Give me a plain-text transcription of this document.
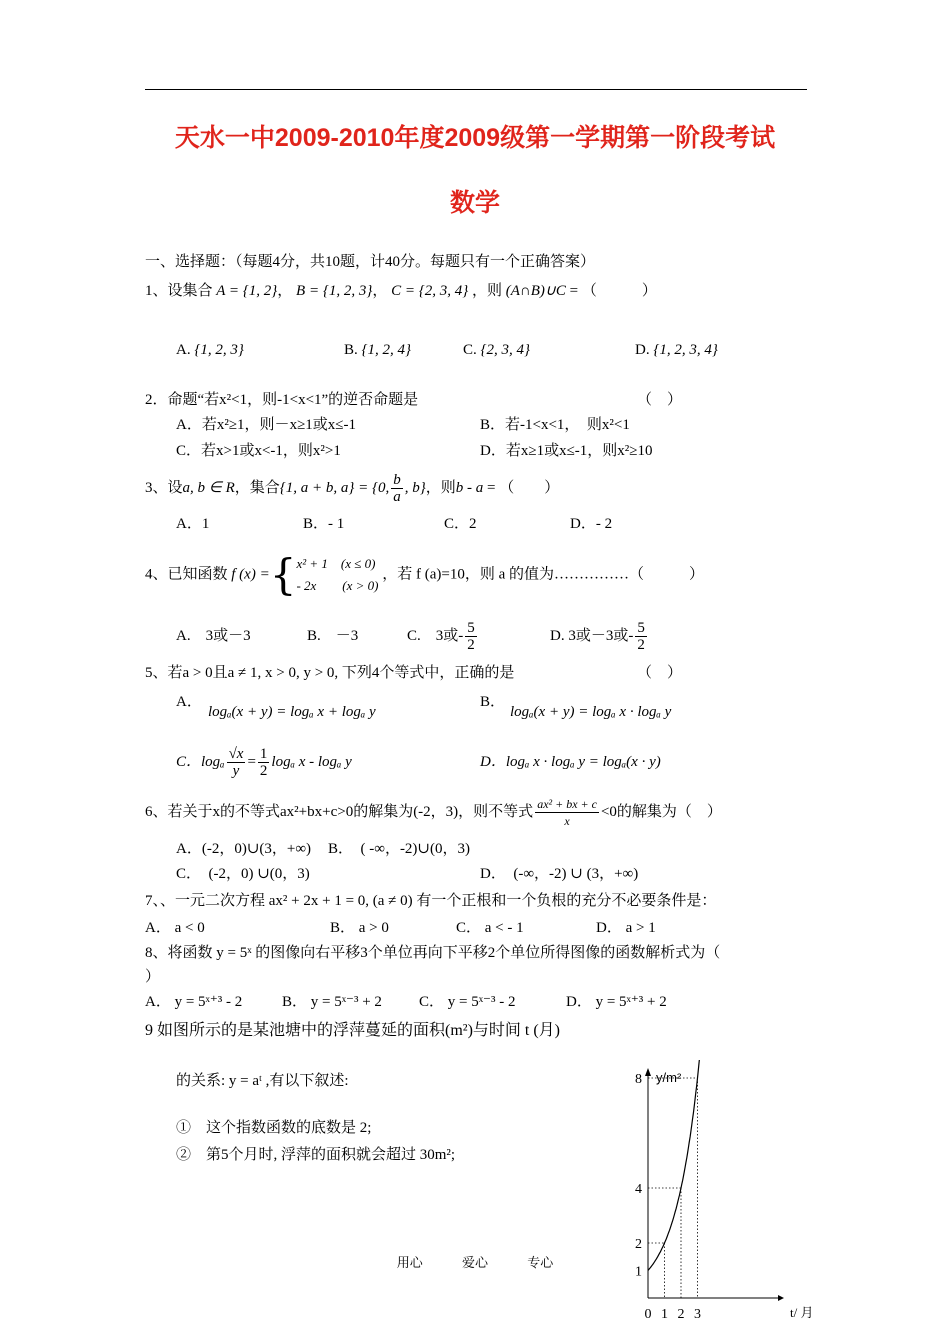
天水一中2009-2010年度2009级第一学期第一阶段考试
数学
一、选择题：（每题4分，共10题，计40分。每题只有一个正确答案）
1、设集合 A = {1, 2}， B = {1, 2, 3}， C = {2, 3, 4} ，则 (A∩B)∪C = （　　　）
A. {1, 2, 3}	B. {1, 2, 4}	C. {2, 3, 4}	D. {1, 2, 3, 4}
2．命题“若x²<1，则-1<x<1”的逆否命题是	（　）
A．若x²≥1，则－x≥1或x≤-1	B．若-1<x<1，　则x²<1
C．若x>1或x<-1，则x²>1	D．若x≥1或x≤-1，则x²≥10
3、设a, b ∈ R，集合{1, a + b, a} = {0, $\frac{b}{a}$ , b}，则b - a = （　　）
A．1	B．- 1	C．2	D．- 2
4、已知函数 f (x) ={ x² + 1　(x ≤ 0)
- 2x　　(x > 0)
，若 f (a)=10，则 a 的值为……………（　　　）
A.　3或－3	B.　－3	C.　3或- $\frac{5}{2}$	D. 3或－3或- $\frac{5}{2}$
5、若a > 0且a ≠ 1, x > 0, y > 0, 下列4个等式中，正确的是	（　）
A．
logₐ(x + y) = logₐ x + logₐ y
B．
logₐ(x + y) = logₐ x · logₐ y
C．logₐ $\frac{√x}{y} = \frac{1}{2}$ logₐ x - logₐ y	D．logₐ x · logₐ y = logₐ(x · y)
6、若关于x的不等式ax²+bx+c>0的解集为(-2，3)，则不等式 $\frac{\text{ax² + bx + c}}{x} <0$的解集为（　）
A．(-2，0)∪(3，+∞) B．　( -∞，-2)∪(0，3)
C．　(-2，0) ∪(0，3)	D．　(-∞，-2) ∪ (3，+∞)
7、、一元二次方程 ax² + 2x + 1 = 0, (a ≠ 0) 有一个正根和一个负根的充分不必要条件是：
A． a < 0	B． a > 0	C． a < - 1	D． a > 1
8、将函数 y = 5ˣ 的图像向右平移3个单位再向下平移2个单位所得图像的函数解析式为（
）
A． y = 5ˣ⁺³ - 2	B． y = 5ˣ⁻³ + 2 C． y = 5ˣ⁻³ - 2	D． y = 5ˣ⁺³ + 2
9 如图所示的是某池塘中的浮萍蔓延的面积(m²)与时间 t (月)
的关系: y = aᵗ ,有以下叙述:
①　这个指数函数的底数是 2;
②　第5个月时, 浮萍的面积就会超过 30m²;
0 1 2 3
1
2
4
8 y/m²
t/ 月
用心	爱心	专心
